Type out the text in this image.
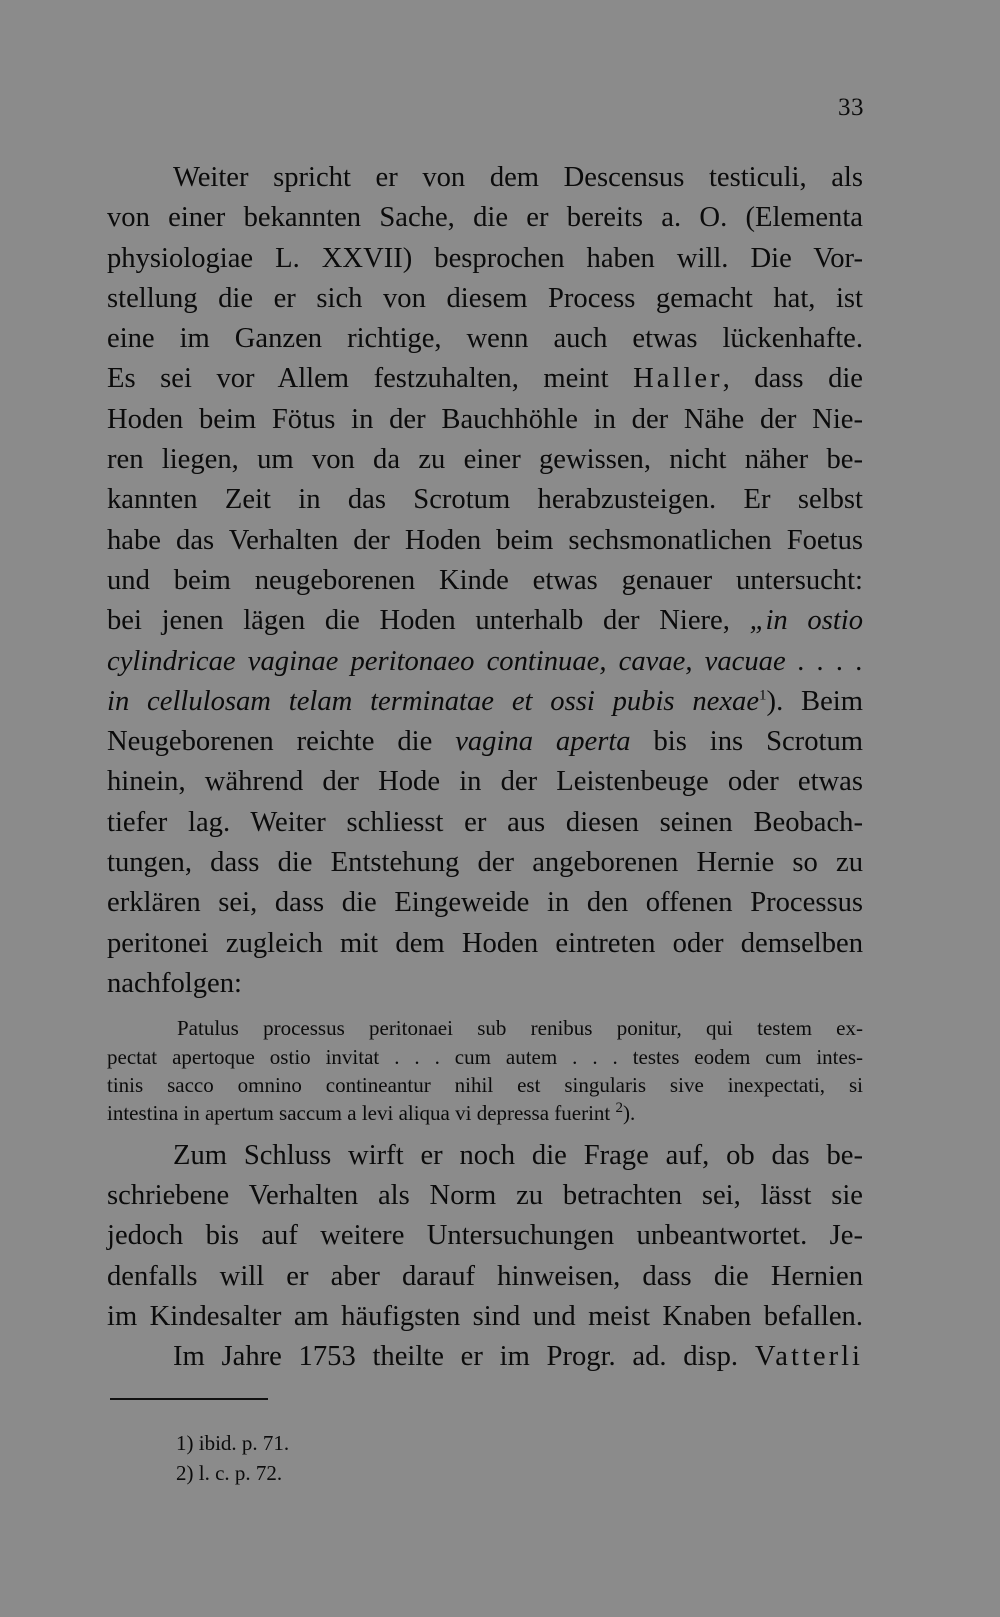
33
Weiter spricht er von dem Descensus testiculi, als
von einer bekannten Sache, die er bereits a. O. (Elementa
physiologiae L. XXVII) besprochen haben will. Die Vor-
stellung die er sich von diesem Process gemacht hat, ist
eine im Ganzen richtige, wenn auch etwas lückenhafte.
Es sei vor Allem festzuhalten, meint Haller, dass die
Hoden beim Fötus in der Bauchhöhle in der Nähe der Nie-
ren liegen, um von da zu einer gewissen, nicht näher be-
kannten Zeit in das Scrotum herabzusteigen. Er selbst
habe das Verhalten der Hoden beim sechsmonatlichen Foetus
und beim neugeborenen Kinde etwas genauer untersucht:
bei jenen lägen die Hoden unterhalb der Niere, „in ostio
cylindricae vaginae peritonaeo continuae, cavae, vacuae . . . .
in cellulosam telam terminatae et ossi pubis nexae$^1$). Beim
Neugeborenen reichte die vagina aperta bis ins Scrotum
hinein, während der Hode in der Leistenbeuge oder etwas
tiefer lag. Weiter schliesst er aus diesen seinen Beobach-
tungen, dass die Entstehung der angeborenen Hernie so zu
erklären sei, dass die Eingeweide in den offenen Processus
peritonei zugleich mit dem Hoden eintreten oder demselben
nachfolgen:
Patulus processus peritonaei sub renibus ponitur, qui testem ex-
pectat apertoque ostio invitat . . . cum autem . . . testes eodem cum intes-
tinis sacco omnino contineantur nihil est singularis sive inexpectati, si
intestina in apertum saccum a levi aliqua vi depressa fuerint $^2$).
Zum Schluss wirft er noch die Frage auf, ob das be-
schriebene Verhalten als Norm zu betrachten sei, lässt sie
jedoch bis auf weitere Untersuchungen unbeantwortet. Je-
denfalls will er aber darauf hinweisen, dass die Hernien
im Kindesalter am häufigsten sind und meist Knaben befallen.
Im Jahre 1753 theilte er im Progr. ad. disp. Vatterli
1) ibid. p. 71.
2) l. c. p. 72.
